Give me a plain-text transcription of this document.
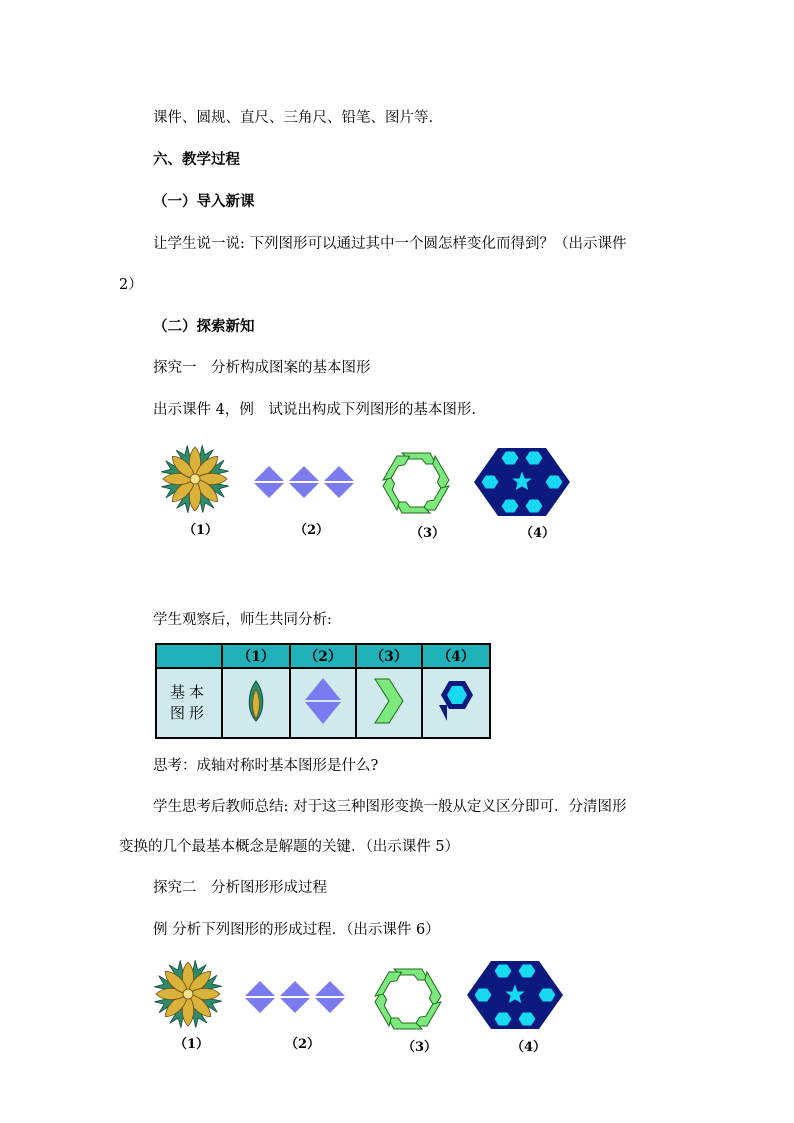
课件、圆规、直尺、三角尺、铅笔、图片等.
六、教学过程
（一）导入新课
让学生说一说: 下列图形可以通过其中一个圆怎样变化而得到？（出示课件
2）
（二）探索新知
探究一　分析构成图案的基本图形
出示课件 4，例　试说出构成下列图形的基本图形.
（1）	（2）	（3）	（4）
学生观察后，师生共同分析:
	（1）	（2）	（3）	（4）

基本
图形

思考：成轴对称时基本图形是什么?
学生思考后教师总结: 对于这三种图形变换一般从定义区分即可．分清图形
变换的几个最基本概念是解题的关键．（出示课件 5）
探究二　分析图形形成过程
例 分析下列图形的形成过程．（出示课件 6）
（1）	（2）	（3）	（4）
